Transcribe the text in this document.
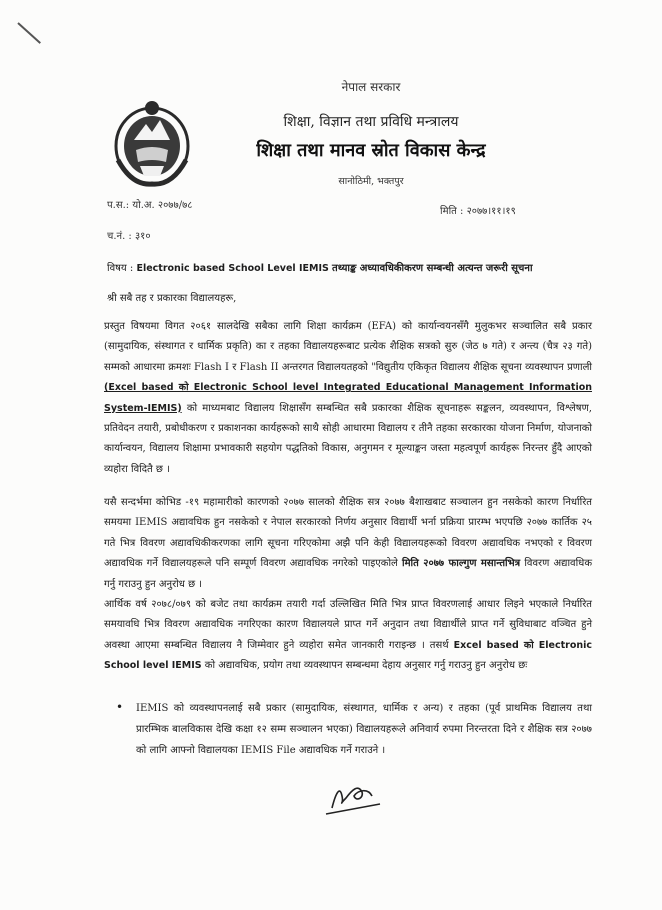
नेपाल सरकार
शिक्षा, विज्ञान तथा प्रविधि मन्त्रालय
शिक्षा तथा मानव स्रोत विकास केन्द्र
सानोठिमी, भक्तपुर
प.स.: यो.अ. २०७७/७८
मिति : २०७७।११।१९
च.नं. : ३१०
विषय : Electronic based School Level IEMIS तथ्याङ्क अध्यावधिकीकरण सम्बन्धी अत्यन्त जरूरी सूचना
श्री सबै तह र प्रकारका विद्यालयहरू,
प्रस्तुत विषयमा विगत २०६१ सालदेखि सबैका लागि शिक्षा कार्यक्रम (EFA) को कार्यान्वयनसँगै मुलुकभर सञ्चालित सबै प्रकार (सामुदायिक, संस्थागत र धार्मिक प्रकृति) का र तहका विद्यालयहरूबाट प्रत्येक शैक्षिक सत्रको सुरु (जेठ ७ गते) र अन्त्य (चैत्र २३ गते) सम्मको आधारमा क्रमशः Flash I र Flash II अन्तरगत विद्यालयतहको "विद्युतीय एकिकृत विद्यालय शैक्षिक सूचना व्यवस्थापन प्रणाली (Excel based को Electronic School level Integrated Educational Management Information System-IEMIS) को माध्यमबाट विद्यालय शिक्षासँग सम्बन्धित सबै प्रकारका शैक्षिक सूचनाहरू सङ्कलन, व्यवस्थापन, विश्लेषण, प्रतिवेदन तयारी, प्रबोधीकरण र प्रकाशनका कार्यहरूको साथै सोही आधारमा विद्यालय र तीनै तहका सरकारका योजना निर्माण, योजनाको कार्यान्वयन, विद्यालय शिक्षामा प्रभावकारी सहयोग पद्धतिको विकास, अनुगमन र मूल्याङ्कन जस्ता महत्वपूर्ण कार्यहरू निरन्तर हुँदै आएको व्यहोरा विदितै छ ।
यसै सन्दर्भमा कोभिड -१९ महामारीको कारणको २०७७ सालको शैक्षिक सत्र २०७७ बैशाखबाट सञ्चालन हुन नसकेको कारण निर्धारित समयमा IEMIS अद्यावधिक हुन नसकेको र नेपाल सरकारको निर्णय अनुसार विद्यार्थी भर्ना प्रक्रिया प्रारम्भ भएपछि २०७७ कार्तिक २५ गते भित्र विवरण अद्यावधिकीकरणका लागि सूचना गरिएकोमा अझै पनि केही विद्यालयहरूको विवरण अद्यावधिक नभएको र विवरण अद्यावधिक गर्ने विद्यालयहरूले पनि सम्पूर्ण विवरण अद्यावधिक नगरेको पाइएकोले मिति २०७७ फाल्गुण मसान्तभित्र विवरण अद्यावधिक गर्नु गराउनु हुन अनुरोध छ ।
आर्थिक वर्ष २०७८/०७९ को बजेट तथा कार्यक्रम तयारी गर्दा उल्लिखित मिति भित्र प्राप्त विवरणलाई आधार लिइने भएकाले निर्धारित समयावधि भित्र विवरण अद्यावधिक नगरिएका कारण विद्यालयले प्राप्त गर्ने अनुदान तथा विद्यार्थीले प्राप्त गर्ने सुविधाबाट वञ्चित हुने अवस्था आएमा सम्बन्धित विद्यालय नै जिम्मेवार हुने व्यहोरा समेत जानकारी गराइन्छ । तसर्थ Excel based को Electronic School level IEMIS को अद्यावधिक, प्रयोग तथा व्यवस्थापन सम्बन्धमा देहाय अनुसार गर्नु गराउनु हुन अनुरोध छः
• IEMIS को व्यवस्थापनलाई सबै प्रकार (सामुदायिक, संस्थागत, धार्मिक र अन्य) र तहका (पूर्व प्राथमिक विद्यालय तथा प्रारम्भिक बालविकास देखि कक्षा १२ सम्म सञ्चालन भएका) विद्यालयहरूले अनिवार्य रुपमा निरन्तरता दिने र शैक्षिक सत्र २०७७ को लागि आफ्नो विद्यालयका IEMIS File अद्यावधिक गर्ने गराउने ।
